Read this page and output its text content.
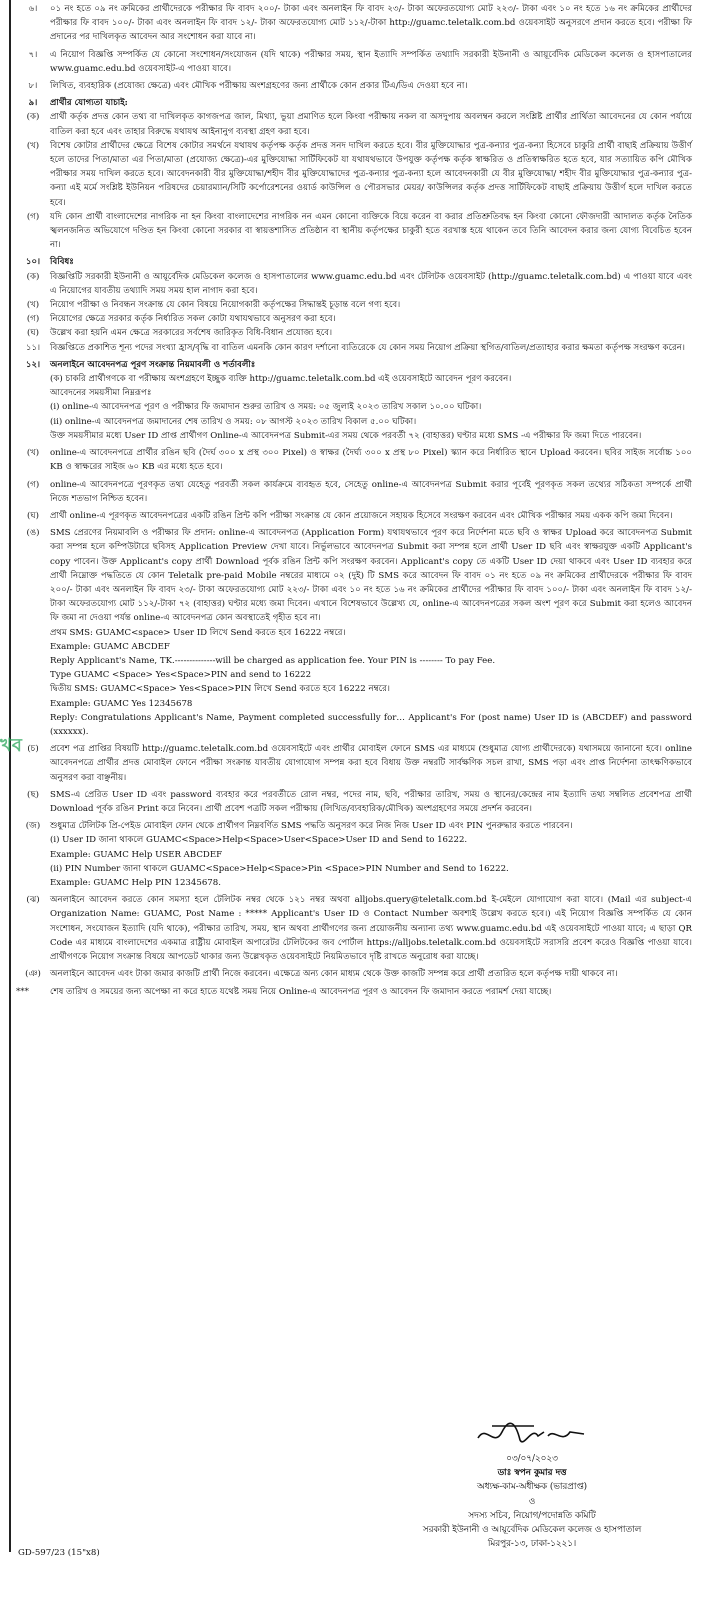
খব
৬।	০১ নং হতে ০৯ নং ক্রমিকের প্রার্থীদেরকে পরীক্ষার ফি বাবদ ২০০/- টাকা এবং অনলাইন ফি বাবদ ২৩/- টাকা অফেরতযোগ্য মোট ২২৩/- টাকা এবং ১০ নং হতে ১৬ নং ক্রমিকের প্রার্থীদের পরীক্ষার ফি বাবদ ১০০/- টাকা এবং অনলাইন ফি বাবদ ১২/- টাকা অফেরতযোগ্য মোট ১১২/-টাকা http://guamc.teletalk.com.bd ওয়েবসাইট অনুসরণে প্রদান করতে হবে। পরীক্ষা ফি প্রদানের পর দাখিলকৃত আবেদন আর সংশোধন করা যাবে না।
৭।	এ নিয়োগ বিজ্ঞপ্তি সম্পর্কিত যে কোনো সংশোধন/সংযোজন (যদি থাকে) পরীক্ষার সময়, স্থান ইত্যাদি সম্পর্কিত তথ্যাদি সরকারী ইউনানী ও আয়ূর্বেদিক মেডিকেল কলেজ ও হাসপাতালের www.guamc.edu.bd ওয়েবসাইট-এ পাওয়া যাবে।
৮।	লিখিত, ব্যবহারিক (প্রযোজ্য ক্ষেত্রে) এবং মৌখিক পরীক্ষায় অংশগ্রহণের জন্য প্রার্থীকে কোন প্রকার টিএ/ডিএ দেওয়া হবে না।
৯।	প্রার্থীর যোগ্যতা যাচাই:
(ক)	প্রার্থী কর্তৃক প্রদত্ত কোন তথ্য বা দাখিলকৃত কাগজপত্র জাল, মিথ্যা, ভুয়া প্রমাণিত হলে কিংবা পরীক্ষায় নকল বা অসদুপায় অবলম্বন করলে সংশ্লিষ্ট প্রার্থীর প্রার্থিতা আবেদনের যে কোন পর্যায়ে বাতিল করা হবে এবং তাহার বিরুদ্ধে যথাযথ আইনানুগ ব্যবস্থা গ্রহণ করা হবে।
(খ)	বিশেষ কোটার প্রার্থীদের ক্ষেত্রে বিশেষ কোটার সমর্থনে যথাযথ কর্তৃপক্ষ কর্তৃক প্রদত্ত সনদ দাখিল করতে হবে। বীর মুক্তিযোদ্ধার পুত্র-কন্যার পুত্র-কন্যা হিসেবে চাকুরি প্রার্থী বাছাই প্রক্রিয়ায় উত্তীর্ণ হলে তাদের পিতা/মাতা এর পিতা/মাতা (প্রযোজ্য ক্ষেত্রে)-এর মুক্তিযোদ্ধা সার্টিফিকেট যা যথাযথভাবে উপযুক্ত কর্তৃপক্ষ কর্তৃক স্বাক্ষরিত ও প্রতিস্বাক্ষরিত হতে হবে, যার সত্যায়িত কপি মৌখিক পরীক্ষার সময় দাখিল করতে হবে। আবেদনকারী বীর মুক্তিযোদ্ধা/শহীদ বীর মুক্তিযোদ্ধাদের পুত্র-কন্যার পুত্র-কন্যা হলে আবেদনকারী যে বীর মুক্তিযোদ্ধা/ শহীদ বীর মুক্তিযোদ্ধার পুত্র-কন্যার পুত্র-কন্যা এই মর্মে সংশ্লিষ্ট ইউনিয়ন পরিষদের চেয়ারম্যান/সিটি কর্পোরেশনের ওয়ার্ড কাউন্সিল ও পৌরসভার মেয়র/ কাউন্সিলর কর্তৃক প্রদত্ত সার্টিফিকেট বাছাই প্রক্রিয়ায় উত্তীর্ণ হলে দাখিল করতে হবে।
(গ)	যদি কোন প্রার্থী বাংলাদেশের নাগরিক না হন কিংবা বাংলাদেশের নাগরিক নন এমন কোনো ব্যক্তিকে বিয়ে করেন বা করার প্রতিশ্রুতিবদ্ধ হন কিংবা কোনো ফৌজদারী আদালত কর্তৃক নৈতিক স্খলনজনিত অভিযোগে দণ্ডিত হন কিংবা কোনো সরকার বা স্বায়ত্তশাসিত প্রতিষ্ঠান বা স্থানীয় কর্তৃপক্ষের চাকুরী হতে বরখাস্ত হয়ে থাকেন তবে তিনি আবেদন করার জন্য যোগ্য বিবেচিত হবেন না।
১০।	বিবিধঃ
(ক)	বিজ্ঞপ্তিটি সরকারী ইউনানী ও আয়ূর্বেদিক মেডিকেল কলেজ ও হাসপাতালের www.guamc.edu.bd এবং টেলিটক ওয়েবসাইট (http://guamc.teletalk.com.bd) এ পাওয়া যাবে এবং এ নিয়োগের যাবতীয় তথ্যাদি সময় সময় হাল নাগাদ করা হবে।
(খ)	নিয়োগ পরীক্ষা ও নিবন্ধন সংক্রান্ত যে কোন বিষয়ে নিয়োগকারী কর্তৃপক্ষের সিদ্ধান্তই চূড়ান্ত বলে গণ্য হবে।
(গ)	নিয়োগের ক্ষেত্রে সরকার কর্তৃক নির্ধারিত সকল কোটা যথাযথভাবে অনুসরণ করা হবে।
(ঘ)	উল্লেখ করা হয়নি এমন ক্ষেত্রে সরকারের সর্বশেষ জারিকৃত বিধি-বিধান প্রযোজ্য হবে।
১১।	বিজ্ঞপ্তিতে প্রকাশিত শূন্য পদের সংখ্যা হ্রাস/বৃদ্ধি বা বাতিল এমনকি কোন কারণ দর্শানো ব্যতিরেকে যে কোন সময় নিয়োগ প্রক্রিয়া স্থগিত/বাতিল/প্রত্যাহার করার ক্ষমতা কর্তৃপক্ষ সংরক্ষণ করেন।
১২।	অনলাইনে আবেদনপত্র পূরণ সংক্রান্ত নিয়মাবলী ও শর্তাবলীঃ
(ক) চাকরি প্রার্থীগণকে বা পরীক্ষায় অংশগ্রহণে ইচ্ছুক ব্যক্তি http://guamc.teletalk.com.bd এই ওয়েবসাইটে আবেদন পূরণ করবেন।
আবেদনের সময়সীমা নিম্নরূপঃ
(i) online-এ আবেদনপত্র পূরণ ও পরীক্ষার ফি জমাদান শুরুর তারিখ ও সময়: ০৫ জুলাই ২০২৩ তারিখ সকাল ১০.০০ ঘটিকা।
(ii) online-এ আবেদনপত্র জমাদানের শেষ তারিখ ও সময়: ০৮ আগস্ট ২০২৩ তারিখ বিকাল ৫.০০ ঘটিকা।
উক্ত সময়সীমার মধ্যে User ID প্রাপ্ত প্রার্থীগণ Online-এ আবেদনপত্র Submit-এর সময় থেকে পরবর্তী ৭২ (বাহাত্তর) ঘণ্টার মধ্যে SMS -এ পরীক্ষার ফি জমা দিতে পারবেন।
(খ)	online-এ আবেদনপত্রে প্রার্থীর রঙিন ছবি (দৈর্ঘ ৩০০ x প্রস্থ ৩০০ Pixel) ও স্বাক্ষর (দৈর্ঘ্য ৩০০ x প্রস্থ ৮০ Pixel) স্ক্যান করে নির্ধারিত স্থানে Upload করবেন। ছবির সাইজ সর্বোচ্চ ১০০ KB ও স্বাক্ষরের সাইজ ৬০ KB এর মধ্যে হতে হবে।
(গ)	online-এ আবেদনপত্রে পূরণকৃত তথ্য যেহেতু পরবর্তী সকল কার্যক্রমে ব্যবহৃত হবে, সেহেতু online-এ আবেদনপত্র Submit করার পূর্বেই পূরণকৃত সকল তথ্যের সঠিকতা সম্পর্কে প্রার্থী নিজে শতভাগ নিশ্চিত হবেন।
(ঘ)	প্রার্থী online-এ পূরণকৃত আবেদনপত্রের একটি রঙিন প্রিন্ট কপি পরীক্ষা সংক্রান্ত যে কোন প্রয়োজনে সহায়ক হিসেবে সংরক্ষণ করবেন এবং মৌখিক পরীক্ষার সময় একক কপি জমা দিবেন।
(ঙ)	SMS প্রেরণের নিয়মাবলি ও পরীক্ষার ফি প্রদান: online-এ আবেদনপত্র (Application Form) যথাযথভাবে পূরণ করে নির্দেশনা মতে ছবি ও স্বাক্ষর Upload করে আবেদনপত্র Submit করা সম্পন্ন হলে কম্পিউটারে ছবিসহ Application Preview দেখা যাবে। নির্ভুলভাবে আবেদনপত্র Submit করা সম্পন্ন হলে প্রার্থী User ID ছবি এবং স্বাক্ষরযুক্ত একটি Applicant's copy পাবেন। উক্ত Applicant's copy প্রার্থী Download পূর্বক রঙিন প্রিন্ট কপি সংরক্ষণ করবেন। Applicant's copy তে একটি User ID দেয়া থাকবে এবং User ID ব্যবহার করে প্রার্থী নিম্নোক্ত পদ্ধতিতে যে কোন Teletalk pre-paid Mobile নম্বরের মাধ্যমে ০২ (দুই) টি SMS করে আবেদন ফি বাবদ ০১ নং হতে ০৯ নং ক্রমিকের প্রার্থীদেরকে পরীক্ষার ফি বাবদ ২০০/- টাকা এবং অনলাইন ফি বাবদ ২৩/- টাকা অফেরতযোগ্য মোট ২২৩/- টাকা এবং ১০ নং হতে ১৬ নং ক্রমিকের প্রার্থীদের পরীক্ষার ফি বাবদ ১০০/- টাকা এবং অনলাইন ফি বাবদ ১২/- টাকা অফেরতযোগ্য মোট ১১২/-টাকা ৭২ (বাহাত্তর) ঘণ্টার মধ্যে জমা দিবেন। এখানে বিশেষভাবে উল্লেখ্য যে, online-এ আবেদনপত্রের সকল অংশ পূরণ করে Submit করা হলেও আবেদন ফি জমা না দেওয়া পর্যন্ত online-এ আবেদনপত্র কোন অবস্থাতেই গৃহীত হবে না।
প্রথম SMS: GUAMC<space> User ID লিখে Send করতে হবে 16222 নম্বরে।
Example: GUAMC ABCDEF
Reply Applicant's Name, TK.--------------will be charged as application fee. Your PIN is -------- To pay Fee.
Type GUAMC <Space> Yes<Space>PIN and send to 16222
দ্বিতীয় SMS: GUAMC<Space> Yes<Space>PIN লিখে Send করতে হবে 16222 নম্বরে।
Example: GUAMC Yes 12345678
Reply: Congratulations Applicant's Name, Payment completed successfully for… Applicant's For (post name) User ID is (ABCDEF) and password (xxxxxx).
(চ)	প্রবেশ পত্র প্রাপ্তির বিষয়টি http://guamc.teletalk.com.bd ওয়েবসাইটে এবং প্রার্থীর মোবাইল ফোনে SMS এর মাধ্যমে (শুধুমাত্র যোগ্য প্রার্থীদেরকে) যথাসময়ে জানানো হবে। online আবেদনপত্রে প্রার্থীর প্রদত্ত মোবাইল ফোনে পরীক্ষা সংক্রান্ত যাবতীয় যোগাযোগ সম্পন্ন করা হবে বিধায় উক্ত নম্বরটি সার্বক্ষণিক সচল রাখা, SMS পড়া এবং প্রাপ্ত নির্দেশনা তাৎক্ষণিকভাবে অনুসরণ করা বাঞ্ছনীয়।
(ছ)	SMS-এ প্রেরিত User ID এবং password ব্যবহার করে পরবর্তীতে রোল নম্বর, পদের নাম, ছবি, পরীক্ষার তারিখ, সময় ও স্থানের/কেন্দ্রের নাম ইত্যাদি তথ্য সম্বলিত প্রবেশপত্র প্রার্থী Download পূর্বক রঙিন Print করে নিবেন। প্রার্থী প্রবেশ পত্রটি সকল পরীক্ষায় (লিখিত/ব্যবহারিক/মৌখিক) অংশগ্রহণের সময়ে প্রদর্শন করবেন।
(জ)	শুধুমাত্র টেলিটক প্রি-পেইড মোবাইল ফোন থেকে প্রার্থীগণ নিম্নবর্ণিত SMS পদ্ধতি অনুসরণ করে নিজ নিজ User ID এবং PIN পুনরুদ্ধার করতে পারবেন।
(i) User ID জানা থাকলে GUAMC<Space>Help<Space>User<Space>User ID and Send to 16222.
Example: GUAMC Help USER ABCDEF
(ii) PIN Number জানা থাকলে GUAMC<Space>Help<Space>Pin <Space>PIN Number and Send to 16222.
Example: GUAMC Help PIN 12345678.
(ঝ)	অনলাইনে আবেদন করতে কোন সমস্যা হলে টেলিটক নম্বর থেকে ১২১ নম্বর অথবা alljobs.query@teletalk.com.bd ই-মেইলে যোগাযোগ করা যাবে। (Mail এর subject-এ Organization Name: GUAMC, Post Name : ***** Applicant's User ID ও Contact Number অবশ্যই উল্লেখ করতে হবে।) এই নিয়োগ বিজ্ঞপ্তি সম্পর্কিত যে কোন সংশোধন, সংযোজন ইত্যাদি (যদি থাকে), পরীক্ষার তারিখ, সময়, স্থান অথবা প্রার্থীগণের জন্য প্রয়োজনীয় অন্যান্য তথ্য www.guamc.edu.bd এই ওয়েবসাইটে পাওয়া যাবে; এ ছাড়া QR Code এর মাধ্যমে বাংলাদেশের একমাত্র রাষ্ট্রীয় মোবাইল অপারেটর টেলিটকের জব পোর্টাল https://alljobs.teletalk.com.bd ওয়েবসাইটে সরাসরি প্রবেশ করেও বিজ্ঞপ্তি পাওয়া যাবে। প্রার্থীগণকে নিয়োগ সংক্রান্ত বিষয়ে আপডেট থাকার জন্য উল্লেখকৃত ওয়েবসাইটে নিয়মিতভাবে দৃষ্টি রাখতে অনুরোধ করা যাচ্ছে।
(ঞ)	অনলাইনে আবেদন এবং টাকা জমার কাজটি প্রার্থী নিজে করবেন। এক্ষেত্রে অন্য কোন মাধ্যম থেকে উক্ত কাজটি সম্পন্ন করে প্রার্থী প্রতারিত হলে কর্তৃপক্ষ দায়ী থাকবে না।
***	শেষ তারিখ ও সময়ের জন্য অপেক্ষা না করে হাতে যথেষ্ট সময় নিয়ে Online-এ আবেদনপত্র পূরণ ও আবেদন ফি জমাদান করতে পরামর্শ দেয়া যাচ্ছে।
০৩/০৭/২০২৩
ডাঃ স্বপন কুমার দত্ত
অধ্যক্ষ-কাম-অধীক্ষক (ভারপ্রাপ্ত)
ও
সদস্য সচিব, নিয়োগ/পদোন্নতি কমিটি
সরকারী ইউনানী ও আয়ূর্বেদিক মেডিকেল কলেজ ও হাসপাতাল
মিরপুর-১৩, ঢাকা-১২২১।
GD-597/23 (15"x8)
